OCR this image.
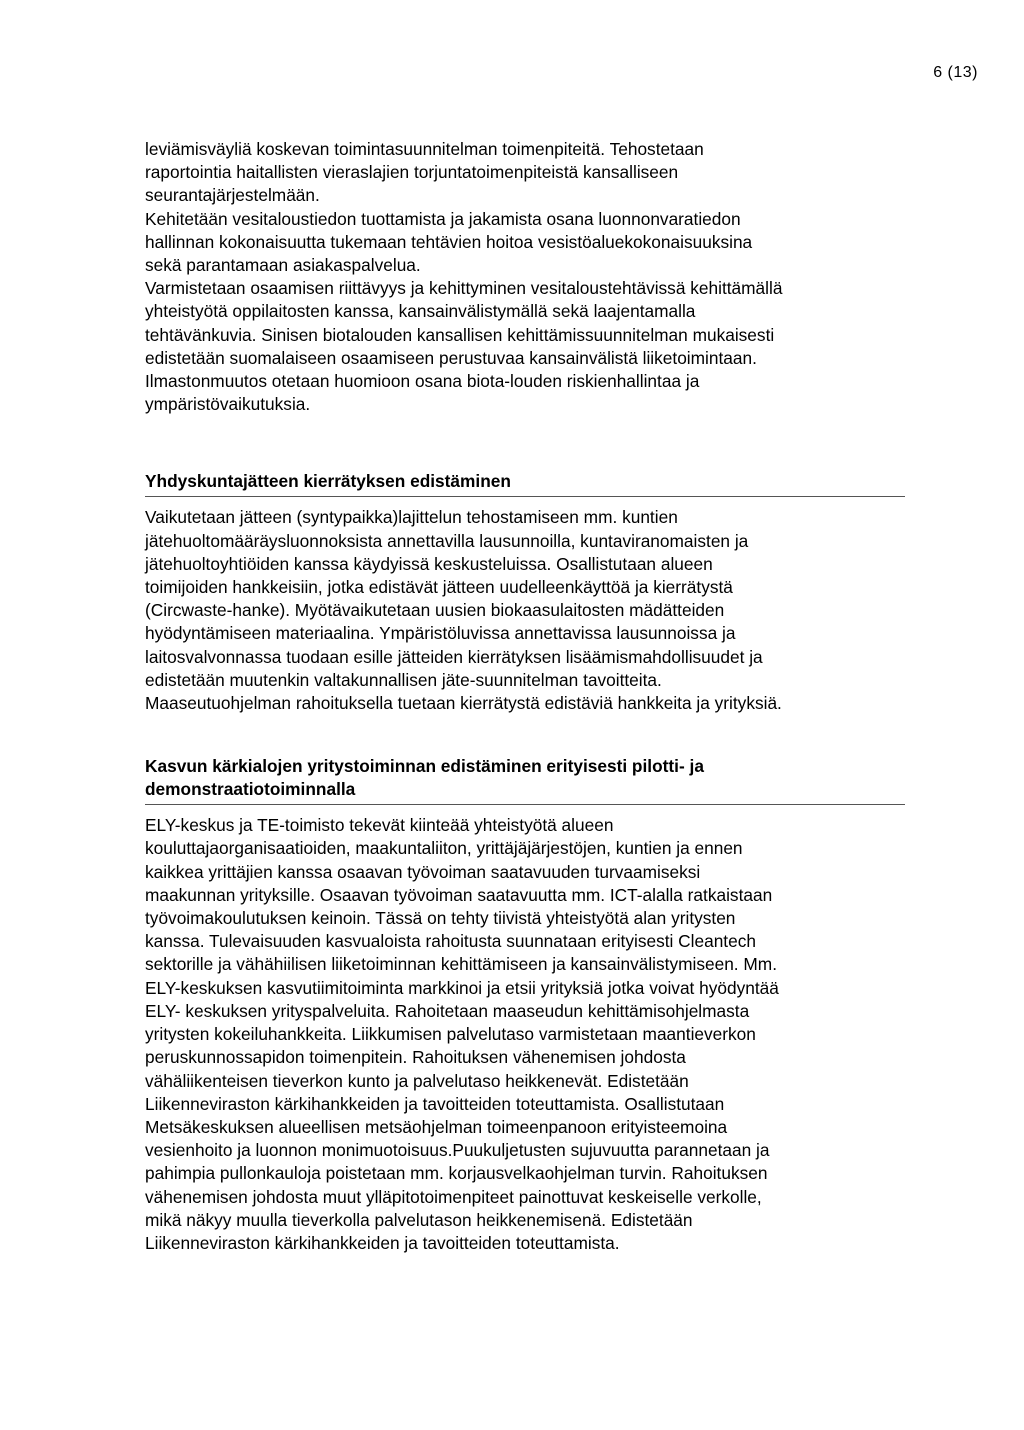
6 (13)

leviämisväyliä koskevan toimintasuunnitelman toimenpiteitä. Tehostetaan
raportointia haitallisten vieraslajien torjuntatoimenpiteistä kansalliseen
seurantajärjestelmään.
Kehitetään vesitaloustiedon tuottamista ja jakamista osana luonnonvaratiedon
hallinnan kokonaisuutta tukemaan tehtävien hoitoa vesistöaluekokonaisuuksina
sekä parantamaan asiakaspalvelua.
Varmistetaan osaamisen riittävyys ja kehittyminen vesitaloustehtävissä kehittämällä
yhteistyötä oppilaitosten kanssa, kansainvälistymällä sekä laajentamalla
tehtävänkuvia. Sinisen biotalouden kansallisen kehittämissuunnitelman mukaisesti
edistetään suomalaiseen osaamiseen perustuvaa kansainvälistä liiketoimintaan.
Ilmastonmuutos otetaan huomioon osana biota-louden riskienhallintaa ja
ympäristövaikutuksia.

Yhdyskuntajätteen kierrätyksen edistäminen

Vaikutetaan jätteen (syntypaikka)lajittelun tehostamiseen mm. kuntien
jätehuoltomääräysluonnoksista annettavilla lausunnoilla, kuntaviranomaisten ja
jätehuoltoyhtiöiden kanssa käydyissä keskusteluissa. Osallistutaan alueen
toimijoiden hankkeisiin, jotka edistävät jätteen uudelleenkäyttöä ja kierrätystä
(Circwaste-hanke). Myötävaikutetaan uusien biokaasulaitosten mädätteiden
hyödyntämiseen materiaalina. Ympäristöluvissa annettavissa lausunnoissa ja
laitosvalvonnassa tuodaan esille jätteiden kierrätyksen lisäämismahdollisuudet ja
edistetään muutenkin valtakunnallisen jäte-suunnitelman tavoitteita.
Maaseutuohjelman rahoituksella tuetaan kierrätystä edistäviä hankkeita ja yrityksiä.

Kasvun kärkialojen yritystoiminnan edistäminen erityisesti pilotti- ja
demonstraatiotoiminnalla

ELY-keskus ja TE-toimisto tekevät kiinteää yhteistyötä alueen
kouluttajaorganisaatioiden, maakuntaliiton, yrittäjäjärjestöjen, kuntien ja ennen
kaikkea yrittäjien kanssa osaavan työvoiman saatavuuden turvaamiseksi
maakunnan yrityksille. Osaavan työvoiman saatavuutta mm. ICT-alalla ratkaistaan
työvoimakoulutuksen keinoin. Tässä on tehty tiivistä yhteistyötä alan yritysten
kanssa. Tulevaisuuden kasvualoista rahoitusta suunnataan erityisesti Cleantech
sektorille ja vähähiilisen liiketoiminnan kehittämiseen ja kansainvälistymiseen. Mm.
ELY-keskuksen kasvutiimitoiminta markkinoi ja etsii yrityksiä jotka voivat hyödyntää
ELY- keskuksen yrityspalveluita. Rahoitetaan maaseudun kehittämisohjelmasta
yritysten kokeiluhankkeita. Liikkumisen palvelutaso varmistetaan maantieverkon
peruskunnossapidon toimenpitein. Rahoituksen vähenemisen johdosta
vähäliikenteisen tieverkon kunto ja palvelutaso heikkenevät. Edistetään
Liikenneviraston kärkihankkeiden ja tavoitteiden toteuttamista. Osallistutaan
Metsäkeskuksen alueellisen metsäohjelman toimeenpanoon erityisteemoina
vesienhoito ja luonnon monimuotoisuus.Puukuljetusten sujuvuutta parannetaan ja
pahimpia pullonkauloja poistetaan mm. korjausvelkaohjelman turvin. Rahoituksen
vähenemisen johdosta muut ylläpitotoimenpiteet painottuvat keskeiselle verkolle,
mikä näkyy muulla tieverkolla palvelutason heikkenemisenä. Edistetään
Liikenneviraston kärkihankkeiden ja tavoitteiden toteuttamista.
